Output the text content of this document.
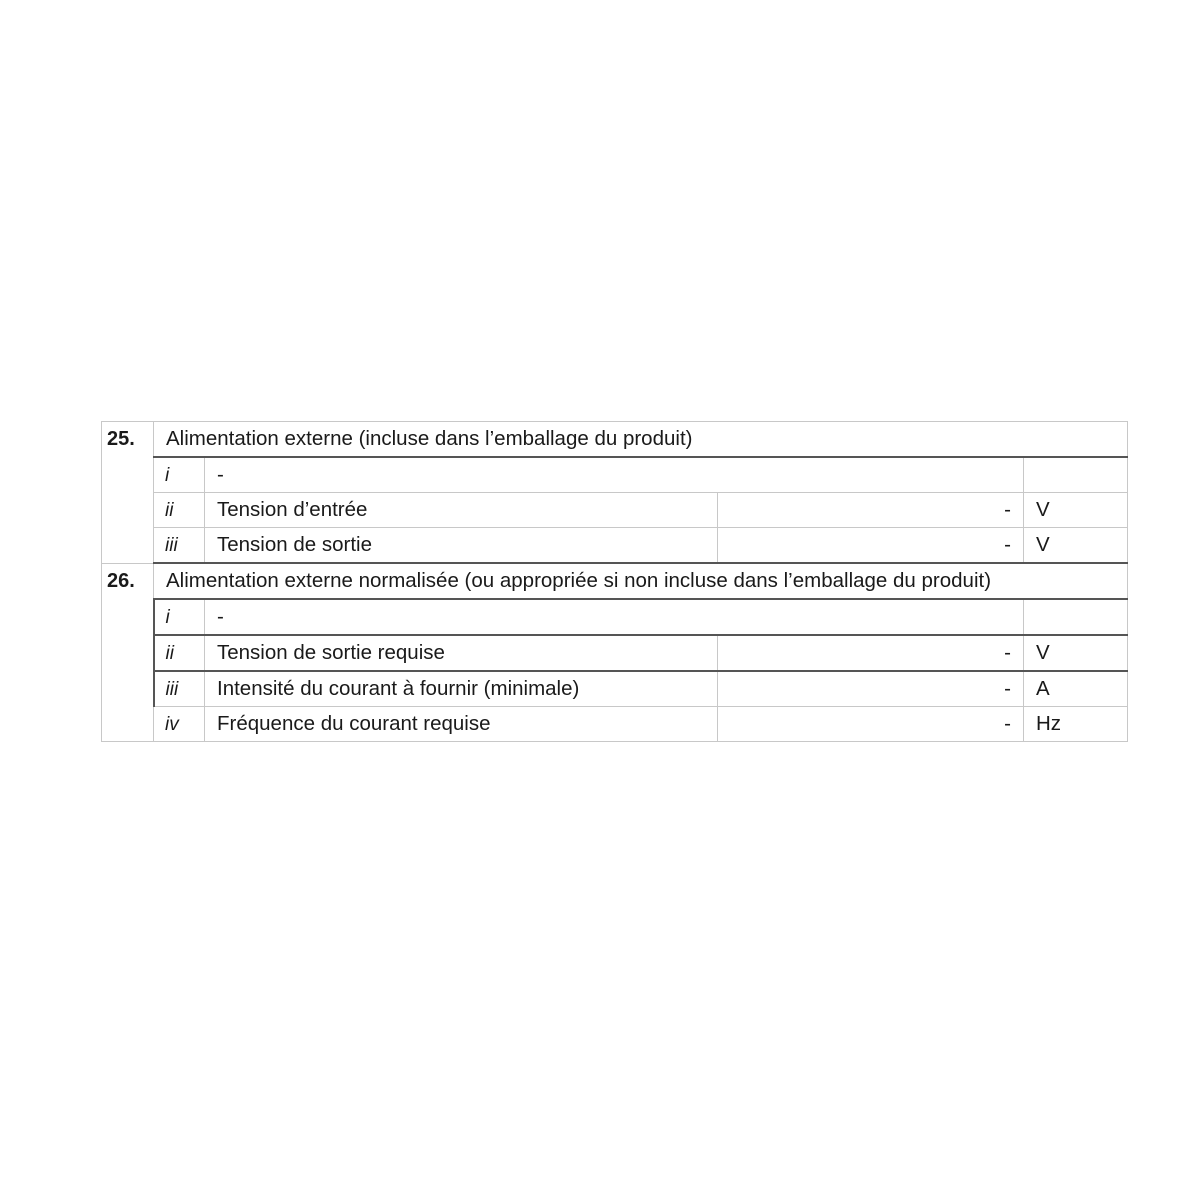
25.	Alimentation externe (incluse dans l’emballage du produit)			
	i	-		
	ii	Tension d’entrée	-	V
	iii	Tension de sortie	-	V
26.	Alimentation externe normalisée (ou appropriée si non incluse dans l’emballage du produit)			
	i	-		
	ii	Tension de sortie requise	-	V
	iii	Intensité du courant à fournir (minimale)	-	A
	iv	Fréquence du courant requise	-	Hz
